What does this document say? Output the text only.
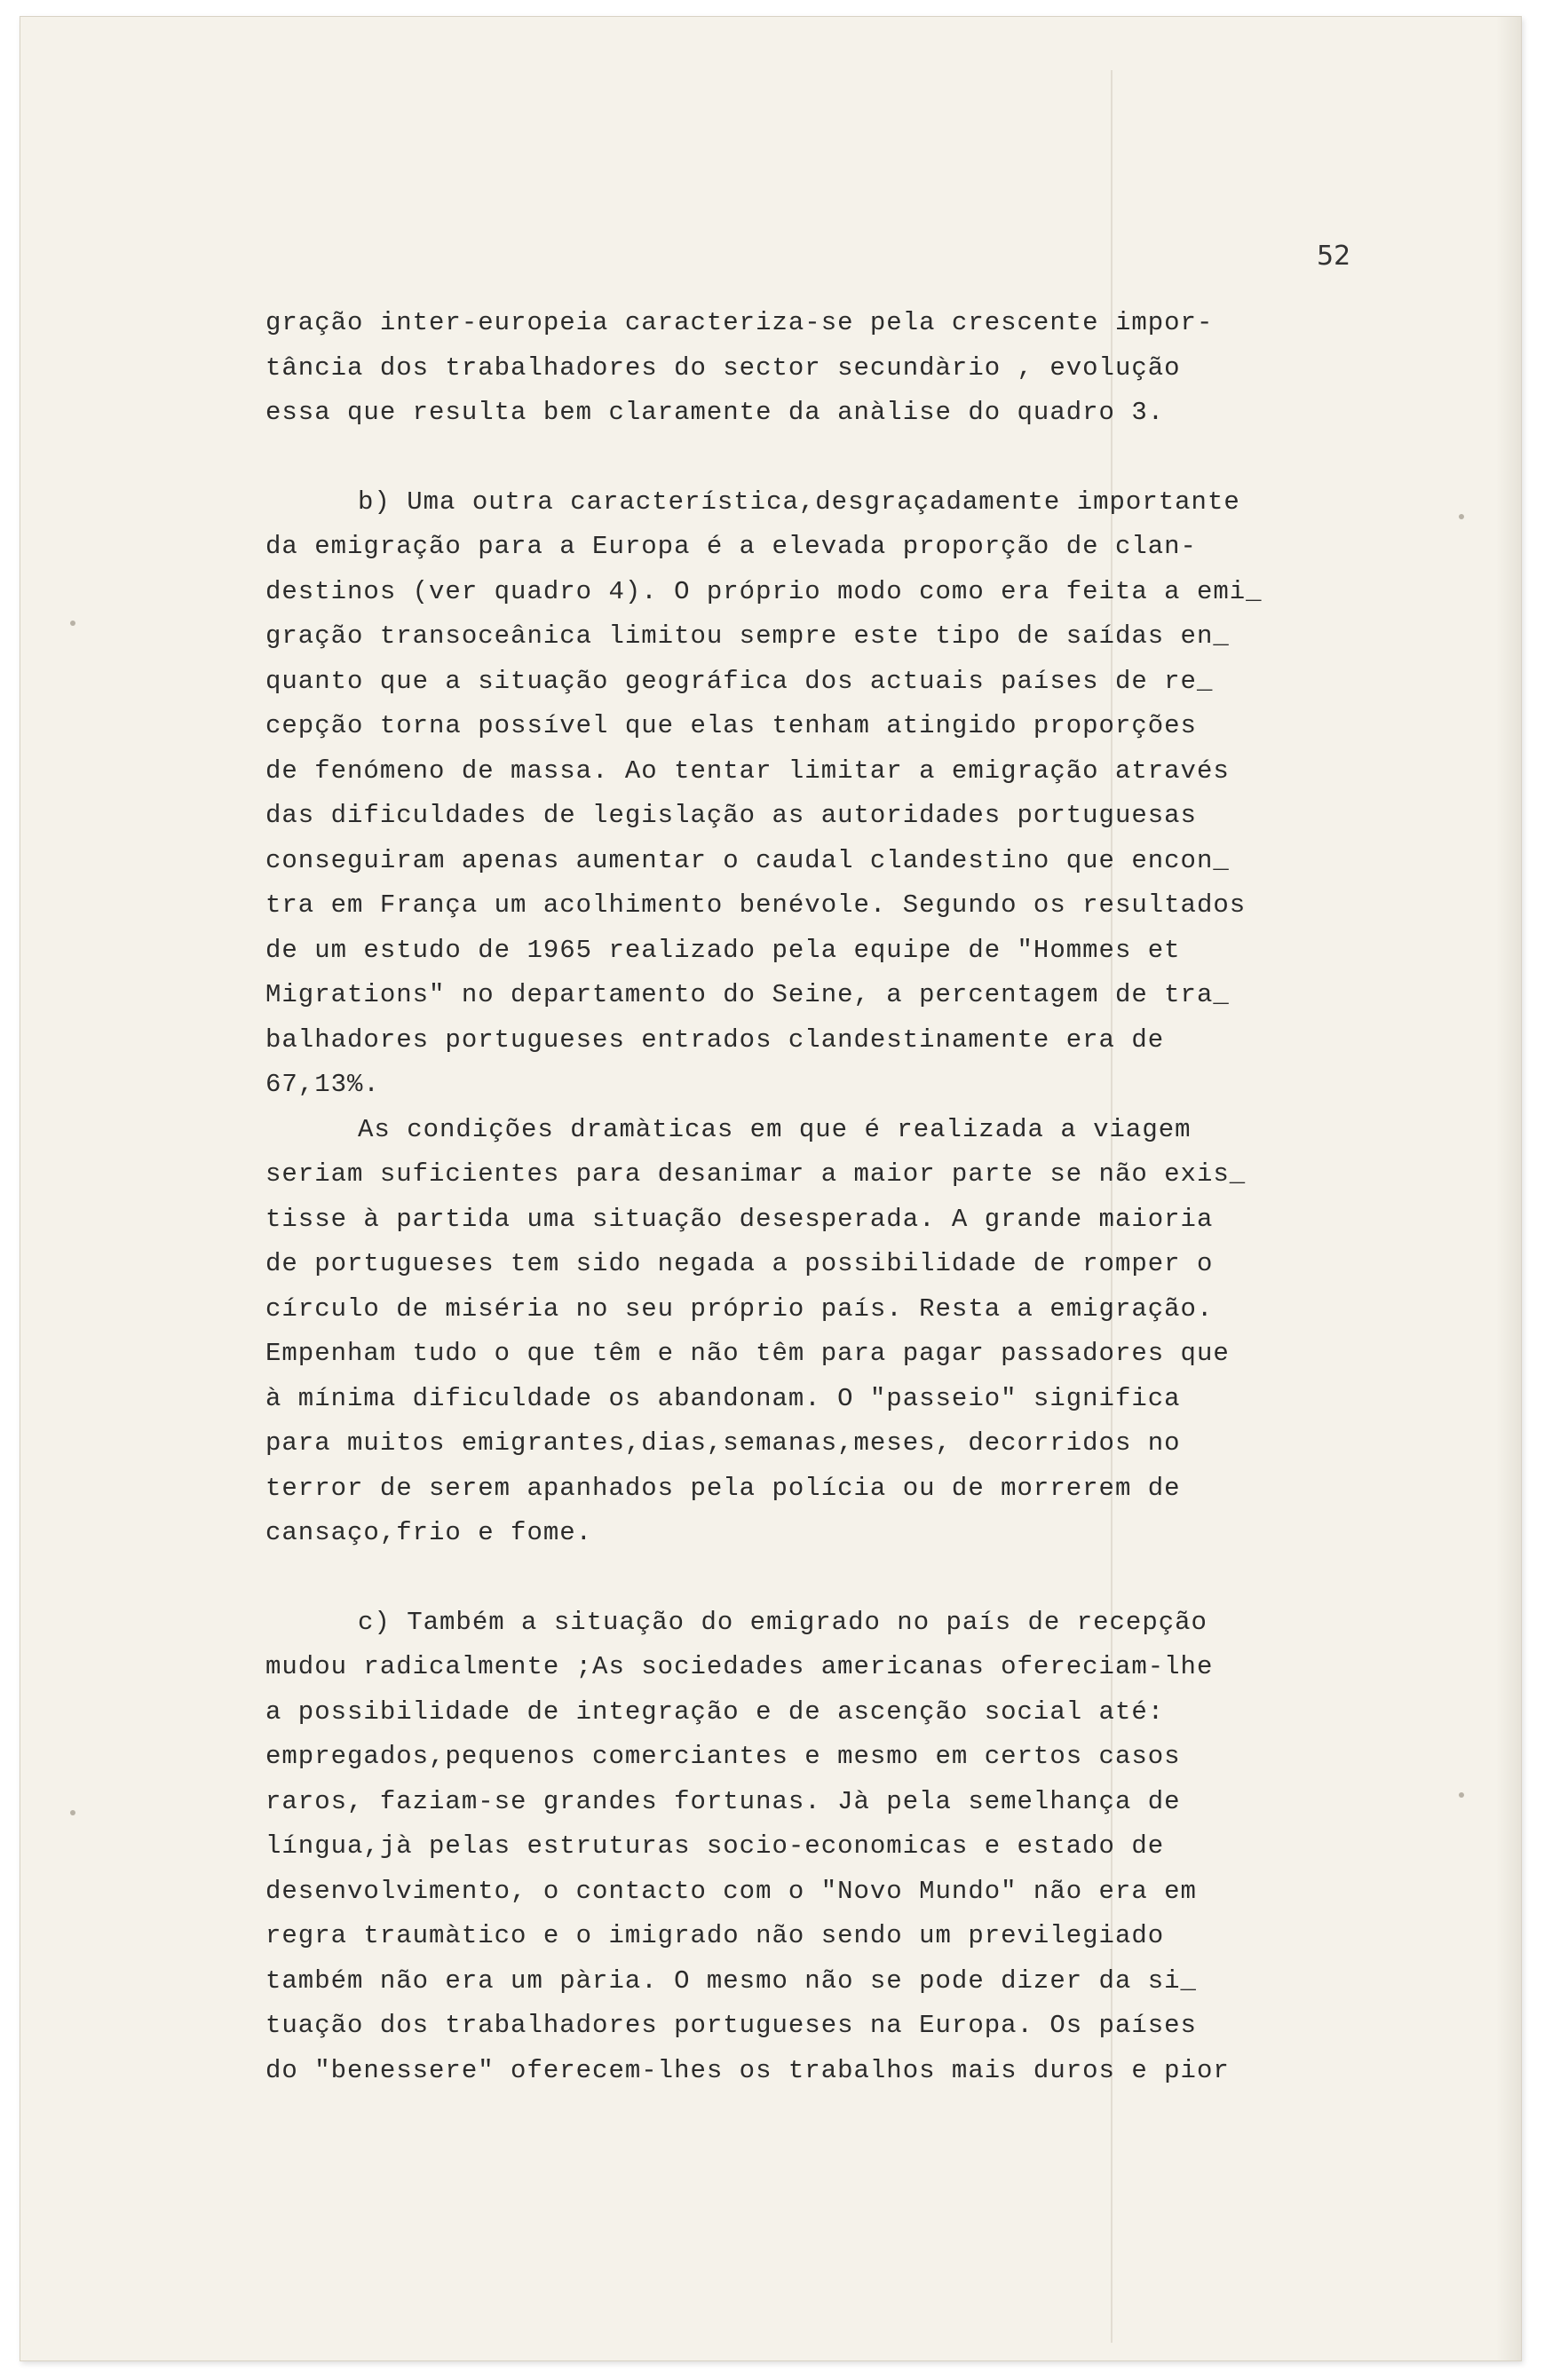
52
gração inter-europeia caracteriza-se pela crescente impor-
tância dos trabalhadores do sector secundàrio , evolução
essa que resulta bem claramente da anàlise do quadro 3.
b) Uma outra característica,desgraçadamente importante
da emigração para a Europa é a elevada proporção de clan-
destinos (ver quadro 4). O próprio modo como era feita a emi_
gração transoceânica limitou sempre este tipo de saídas en_
quanto que a situação geográfica dos actuais países de re_
cepção torna possível que elas tenham atingido proporções
de fenómeno de massa. Ao tentar limitar a emigração através
das dificuldades de legislação as autoridades portuguesas
conseguiram apenas aumentar o caudal clandestino que encon_
tra em França um acolhimento benévole. Segundo os resultados
de um estudo de 1965 realizado pela equipe de "Hommes et
Migrations" no departamento do Seine, a percentagem de tra_
balhadores portugueses entrados clandestinamente era de
67,13%.
As condições dramàticas em que é realizada a viagem
seriam suficientes para desanimar a maior parte se não exis_
tisse à partida uma situação desesperada. A grande maioria
de portugueses tem sido negada a possibilidade de romper o
círculo de miséria no seu próprio país. Resta a emigração.
Empenham tudo o que têm e não têm para pagar passadores que
à mínima dificuldade os abandonam. O "passeio" significa
para muitos emigrantes,dias,semanas,meses, decorridos no
terror de serem apanhados pela polícia ou de morrerem de
cansaço,frio e fome.
c) Também a situação do emigrado no país de recepção
mudou radicalmente ;As sociedades americanas ofereciam-lhe
a possibilidade de integração e de ascenção social até:
empregados,pequenos comerciantes e mesmo em certos casos
raros, faziam-se grandes fortunas. Jà pela semelhança de
língua,jà pelas estruturas socio-economicas e estado de
desenvolvimento, o contacto com o "Novo Mundo" não era em
regra traumàtico e o imigrado não sendo um previlegiado
também não era um pària. O mesmo não se pode dizer da si_
tuação dos trabalhadores portugueses na Europa. Os países
do "benessere" oferecem-lhes os trabalhos mais duros e pior
